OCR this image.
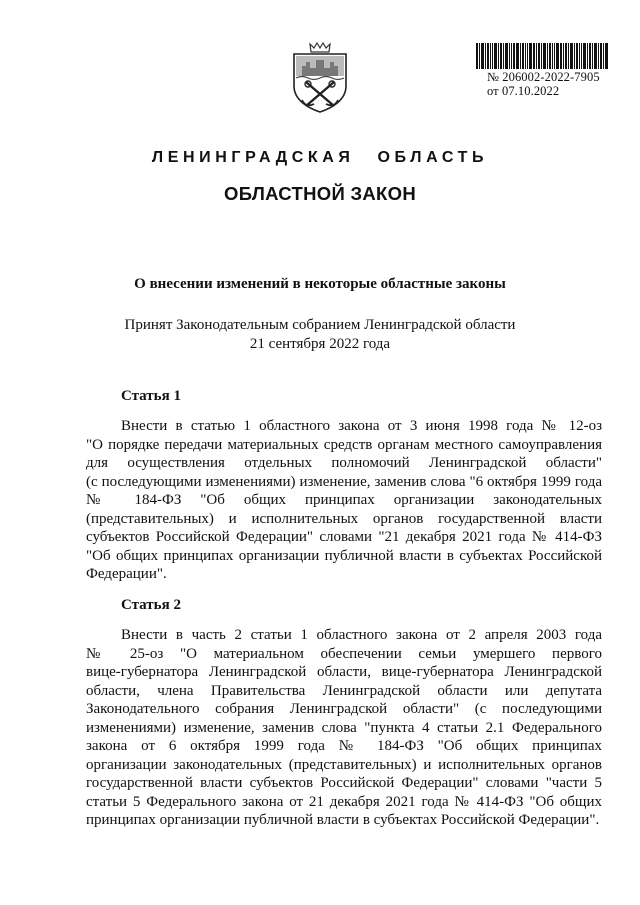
№ 206002-2022-7905
от 07.10.2022
ЛЕНИНГРАДСКАЯ ОБЛАСТЬ
ОБЛАСТНОЙ ЗАКОН
О внесении изменений в некоторые областные законы
Принят Законодательным собранием Ленинградской области
21 сентября 2022 года
Статья 1
Внести в статью 1 областного закона от 3 июня 1998 года № 12-оз
"О порядке передачи материальных средств органам местного самоуправления
для осуществления отдельных полномочий Ленинградской области"
(с последующими изменениями) изменение, заменив слова "6 октября 1999 года
№ 184-ФЗ "Об общих принципах организации законодательных
(представительных) и исполнительных органов государственной власти
субъектов Российской Федерации" словами "21 декабря 2021 года № 414-ФЗ
"Об общих принципах организации публичной власти в субъектах Российской
Федерации".
Статья 2
Внести в часть 2 статьи 1 областного закона от 2 апреля 2003 года
№ 25-оз "О материальном обеспечении семьи умершего первого
вице-губернатора Ленинградской области, вице-губернатора Ленинградской
области, члена Правительства Ленинградской области или депутата
Законодательного собрания Ленинградской области" (с последующими
изменениями) изменение, заменив слова "пункта 4 статьи 2.1 Федерального
закона от 6 октября 1999 года № 184-ФЗ "Об общих принципах
организации законодательных (представительных) и исполнительных органов
государственной власти субъектов Российской Федерации" словами "части 5
статьи 5 Федерального закона от 21 декабря 2021 года № 414-ФЗ "Об общих
принципах организации публичной власти в субъектах Российской Федерации".
